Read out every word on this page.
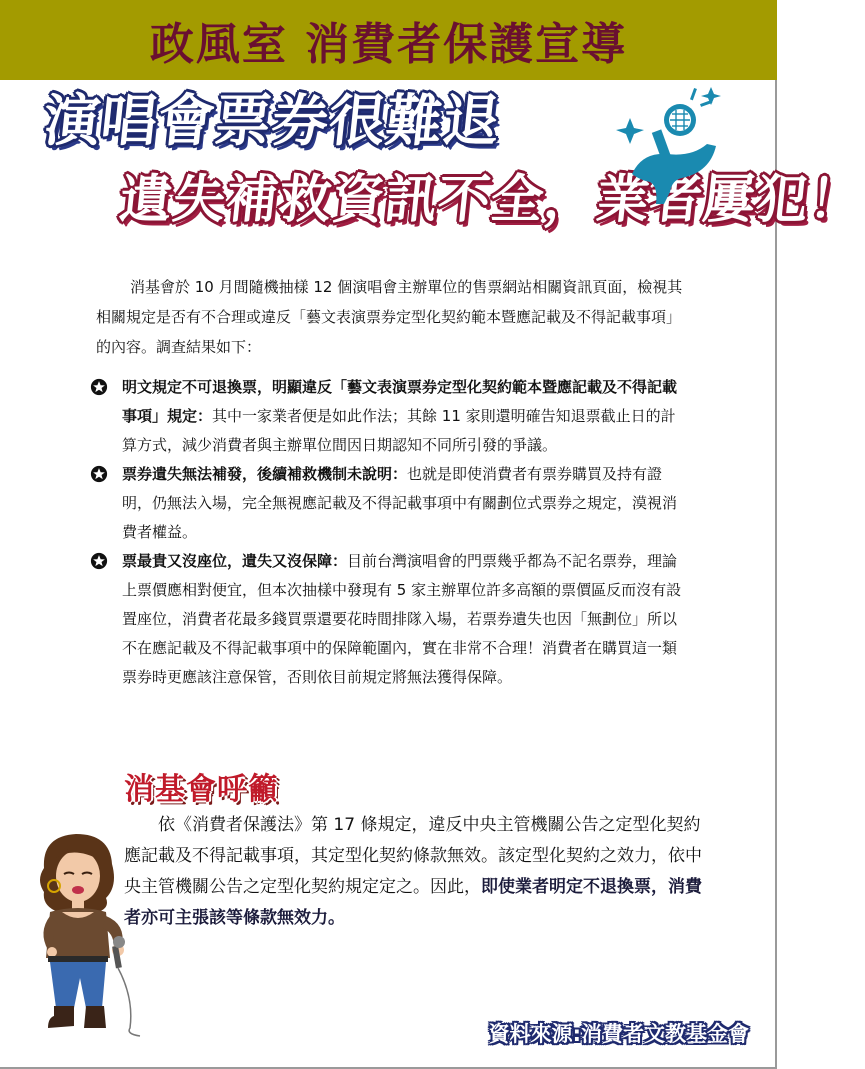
政風室 消費者保護宣導
演唱會票券很難退
遺失補救資訊不全，業者屢犯！

消基會於 10 月間隨機抽樣 12 個演唱會主辦單位的售票網站相關資訊頁面，檢視其相關規定是否有不合理或違反「藝文表演票券定型化契約範本暨應記載及不得記載事項」的內容。調查結果如下：

明文規定不可退換票，明顯違反「藝文表演票券定型化契約範本暨應記載及不得記載事項」規定：其中一家業者便是如此作法；其餘 11 家則還明確告知退票截止日的計算方式，減少消費者與主辦單位間因日期認知不同所引發的爭議。
票券遺失無法補發，後續補救機制未說明：也就是即使消費者有票券購買及持有證明，仍無法入場，完全無視應記載及不得記載事項中有關劃位式票券之規定，漠視消費者權益。
票最貴又沒座位，遺失又沒保障：目前台灣演唱會的門票幾乎都為不記名票券，理論上票價應相對便宜，但本次抽樣中發現有 5 家主辦單位許多高額的票價區反而沒有設置座位，消費者花最多錢買票還要花時間排隊入場，若票券遺失也因「無劃位」所以不在應記載及不得記載事項中的保障範圍內，實在非常不合理！消費者在購買這一類票券時更應該注意保管，否則依目前規定將無法獲得保障。
消基會呼籲

依《消費者保護法》第 17 條規定，違反中央主管機關公告之定型化契約應記載及不得記載事項，其定型化契約條款無效。該定型化契約之效力，依中央主管機關公告之定型化契約規定定之。因此，即使業者明定不退換票，消費者亦可主張該等條款無效力。

資料來源:消費者文教基金會
